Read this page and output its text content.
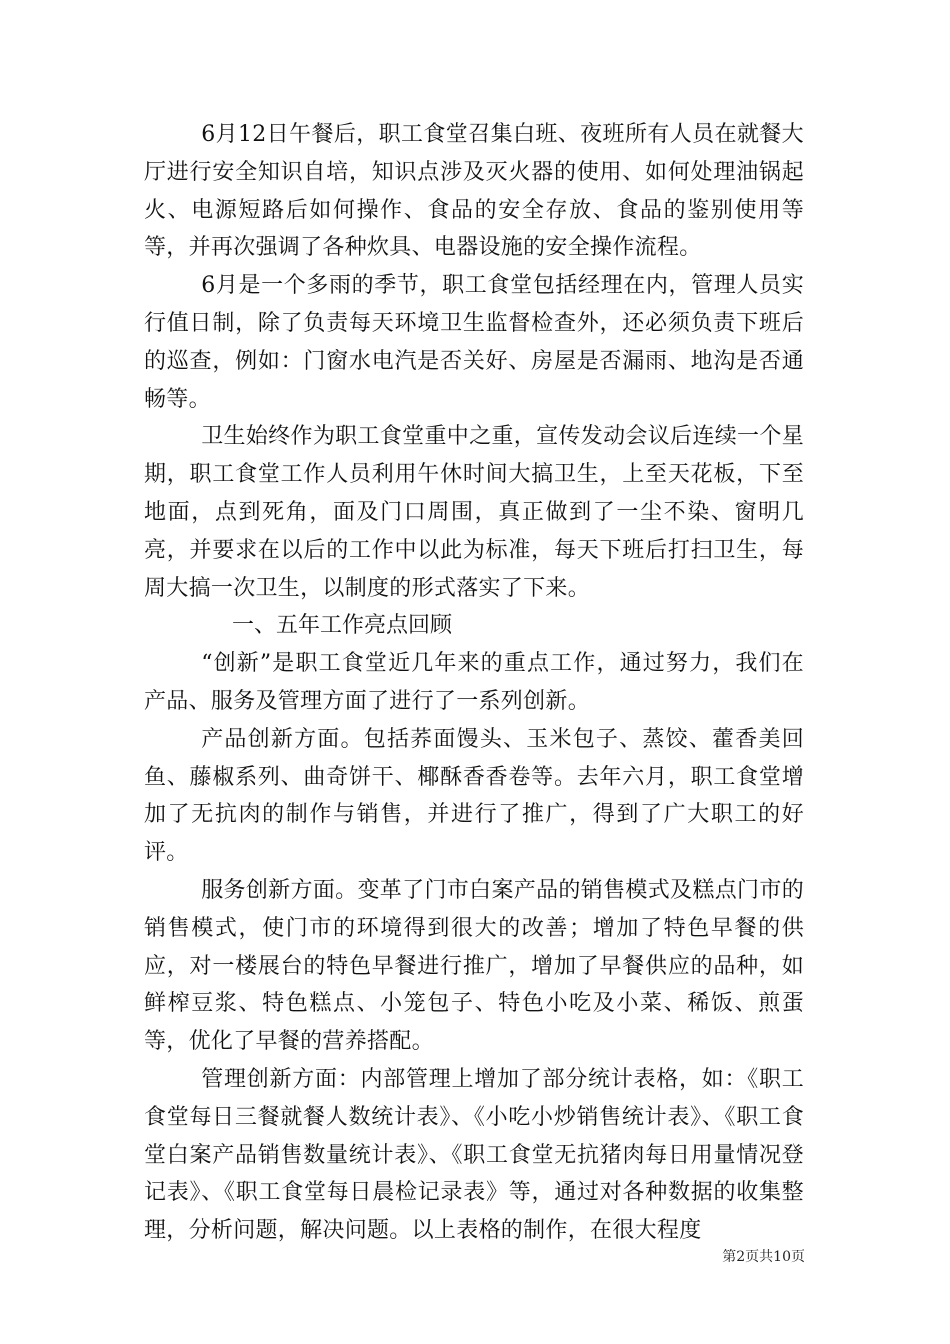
6月12日午餐后，职工食堂召集白班、夜班所有人员在就餐大厅进行安全知识自培，知识点涉及灭火器的使用、如何处理油锅起火、电源短路后如何操作、食品的安全存放、食品的鉴别使用等等，并再次强调了各种炊具、电器设施的安全操作流程。

6月是一个多雨的季节，职工食堂包括经理在内，管理人员实行值日制，除了负责每天环境卫生监督检查外，还必须负责下班后的巡查，例如：门窗水电汽是否关好、房屋是否漏雨、地沟是否通畅等。

卫生始终作为职工食堂重中之重，宣传发动会议后连续一个星期，职工食堂工作人员利用午休时间大搞卫生，上至天花板，下至地面，点到死角，面及门口周围，真正做到了一尘不染、窗明几亮，并要求在以后的工作中以此为标准，每天下班后打扫卫生，每周大搞一次卫生，以制度的形式落实了下来。

一、五年工作亮点回顾

“创新”是职工食堂近几年来的重点工作，通过努力，我们在产品、服务及管理方面了进行了一系列创新。

产品创新方面。包括荞面馒头、玉米包子、蒸饺、藿香美回鱼、藤椒系列、曲奇饼干、椰酥香香卷等。去年六月，职工食堂增加了无抗肉的制作与销售，并进行了推广，得到了广大职工的好评。

服务创新方面。变革了门市白案产品的销售模式及糕点门市的销售模式，使门市的环境得到很大的改善；增加了特色早餐的供应，对一楼展台的特色早餐进行推广，增加了早餐供应的品种，如鲜榨豆浆、特色糕点、小笼包子、特色小吃及小菜、稀饭、煎蛋等，优化了早餐的营养搭配。

管理创新方面：内部管理上增加了部分统计表格，如：《职工食堂每日三餐就餐人数统计表》、《小吃小炒销售统计表》、《职工食堂白案产品销售数量统计表》、《职工食堂无抗猪肉每日用量情况登记表》、《职工食堂每日晨检记录表》等，通过对各种数据的收集整理，分析问题，解决问题。以上表格的制作，在很大程度

第2页共10页
